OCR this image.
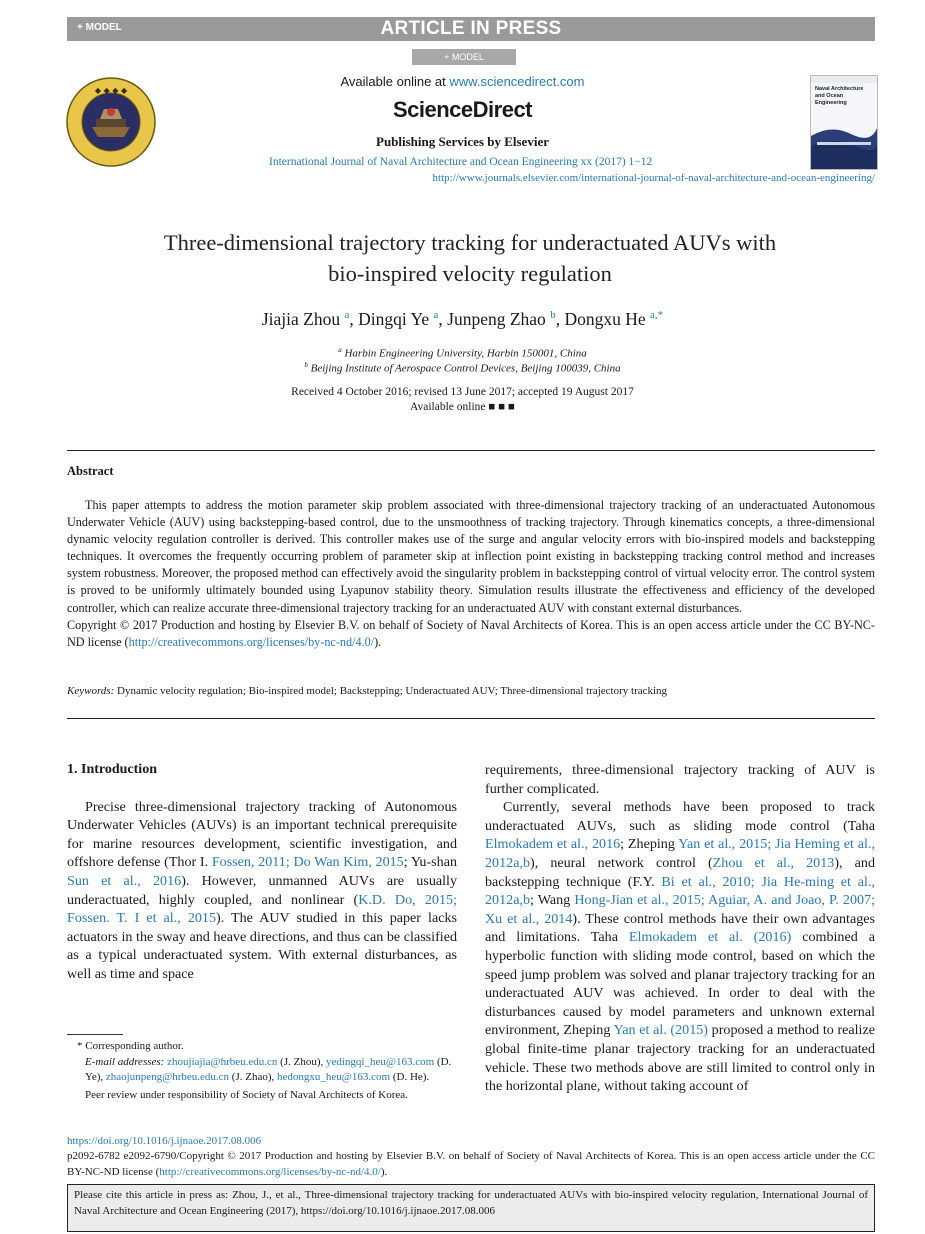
+ MODEL	ARTICLE IN PRESS
+ MODEL
◆ ◆ ◆ ◆
Available online at www.sciencedirect.com
ScienceDirect
Publishing Services by Elsevier
International Journal of Naval Architecture and Ocean Engineering xx (2017) 1−12
http://www.journals.elsevier.com/international-journal-of-naval-architecture-and-ocean-engineering/
Naval Architecture and Ocean Engineering
Three-dimensional trajectory tracking for underactuated AUVs with
bio-inspired velocity regulation
Jiajia Zhou $^a$, Dingqi Ye $^a$, Junpeng Zhao $^b$, Dongxu He $^{a,*}$
$^a$ Harbin Engineering University, Harbin 150001, China
$^b$ Beijing Institute of Aerospace Control Devices, Beijing 100039, China
Received 4 October 2016; revised 13 June 2017; accepted 19 August 2017
Available online ■ ■ ■
Abstract

This paper attempts to address the motion parameter skip problem associated with three-dimensional trajectory tracking of an underactuated Autonomous Underwater Vehicle (AUV) using backstepping-based control, due to the unsmoothness of tracking trajectory. Through kinematics concepts, a three-dimensional dynamic velocity regulation controller is derived. This controller makes use of the surge and angular velocity errors with bio-inspired models and backstepping techniques. It overcomes the frequently occurring problem of parameter skip at inflection point existing in backstepping tracking control method and increases system robustness. Moreover, the proposed method can effectively avoid the singularity problem in backstepping control of virtual velocity error. The control system is proved to be uniformly ultimately bounded using Lyapunov stability theory. Simulation results illustrate the effectiveness and efficiency of the developed controller, which can realize accurate three-dimensional trajectory tracking for an underactuated AUV with constant external disturbances.

Copyright © 2017 Production and hosting by Elsevier B.V. on behalf of Society of Naval Architects of Korea. This is an open access article under the CC BY-NC-ND license (http://creativecommons.org/licenses/by-nc-nd/4.0/).

Keywords: Dynamic velocity regulation; Bio-inspired model; Backstepping; Underactuated AUV; Three-dimensional trajectory tracking

1. Introduction

Precise three-dimensional trajectory tracking of Autonomous Underwater Vehicles (AUVs) is an important technical prerequisite for marine resources development, scientific investigation, and offshore defense (Thor I. Fossen, 2011; Do Wan Kim, 2015; Yu-shan Sun et al., 2016). However, unmanned AUVs are usually underactuated, highly coupled, and nonlinear (K.D. Do, 2015; Fossen. T. I et al., 2015). The AUV studied in this paper lacks actuators in the sway and heave directions, and thus can be classified as a typical underactuated system. With external disturbances, as well as time and space

requirements, three-dimensional trajectory tracking of AUV is further complicated.

Currently, several methods have been proposed to track underactuated AUVs, such as sliding mode control (Taha Elmokadem et al., 2016; Zheping Yan et al., 2015; Jia Heming et al., 2012a,b), neural network control (Zhou et al., 2013), and backstepping technique (F.Y. Bi et al., 2010; Jia He-ming et al., 2012a,b; Wang Hong-Jian et al., 2015; Aguiar, A. and Joao, P. 2007; Xu et al., 2014). These control methods have their own advantages and limitations. Taha Elmokadem et al. (2016) combined a hyperbolic function with sliding mode control, based on which the speed jump problem was solved and planar trajectory tracking for an underactuated AUV was achieved. In order to deal with the disturbances caused by model parameters and unknown external environment, Zheping Yan et al. (2015) proposed a method to realize global finite-time planar trajectory tracking for an underactuated vehicle. These two methods above are still limited to control only in the horizontal plane, without taking account of

* Corresponding author.

E-mail addresses: zhoujiajia@hrbeu.edu.cn (J. Zhou), yedingqi_heu@163.com (D. Ye), zhaojunpeng@hrbeu.edu.cn (J. Zhao), hedongxu_heu@163.com (D. He).

Peer review under responsibility of Society of Naval Architects of Korea.

https://doi.org/10.1016/j.ijnaoe.2017.08.006

p2092-6782 e2092-6790/Copyright © 2017 Production and hosting by Elsevier B.V. on behalf of Society of Naval Architects of Korea. This is an open access article under the CC BY-NC-ND license (http://creativecommons.org/licenses/by-nc-nd/4.0/).

Please cite this article in press as: Zhou, J., et al., Three-dimensional trajectory tracking for underactuated AUVs with bio-inspired velocity regulation, International Journal of Naval Architecture and Ocean Engineering (2017), https://doi.org/10.1016/j.ijnaoe.2017.08.006
